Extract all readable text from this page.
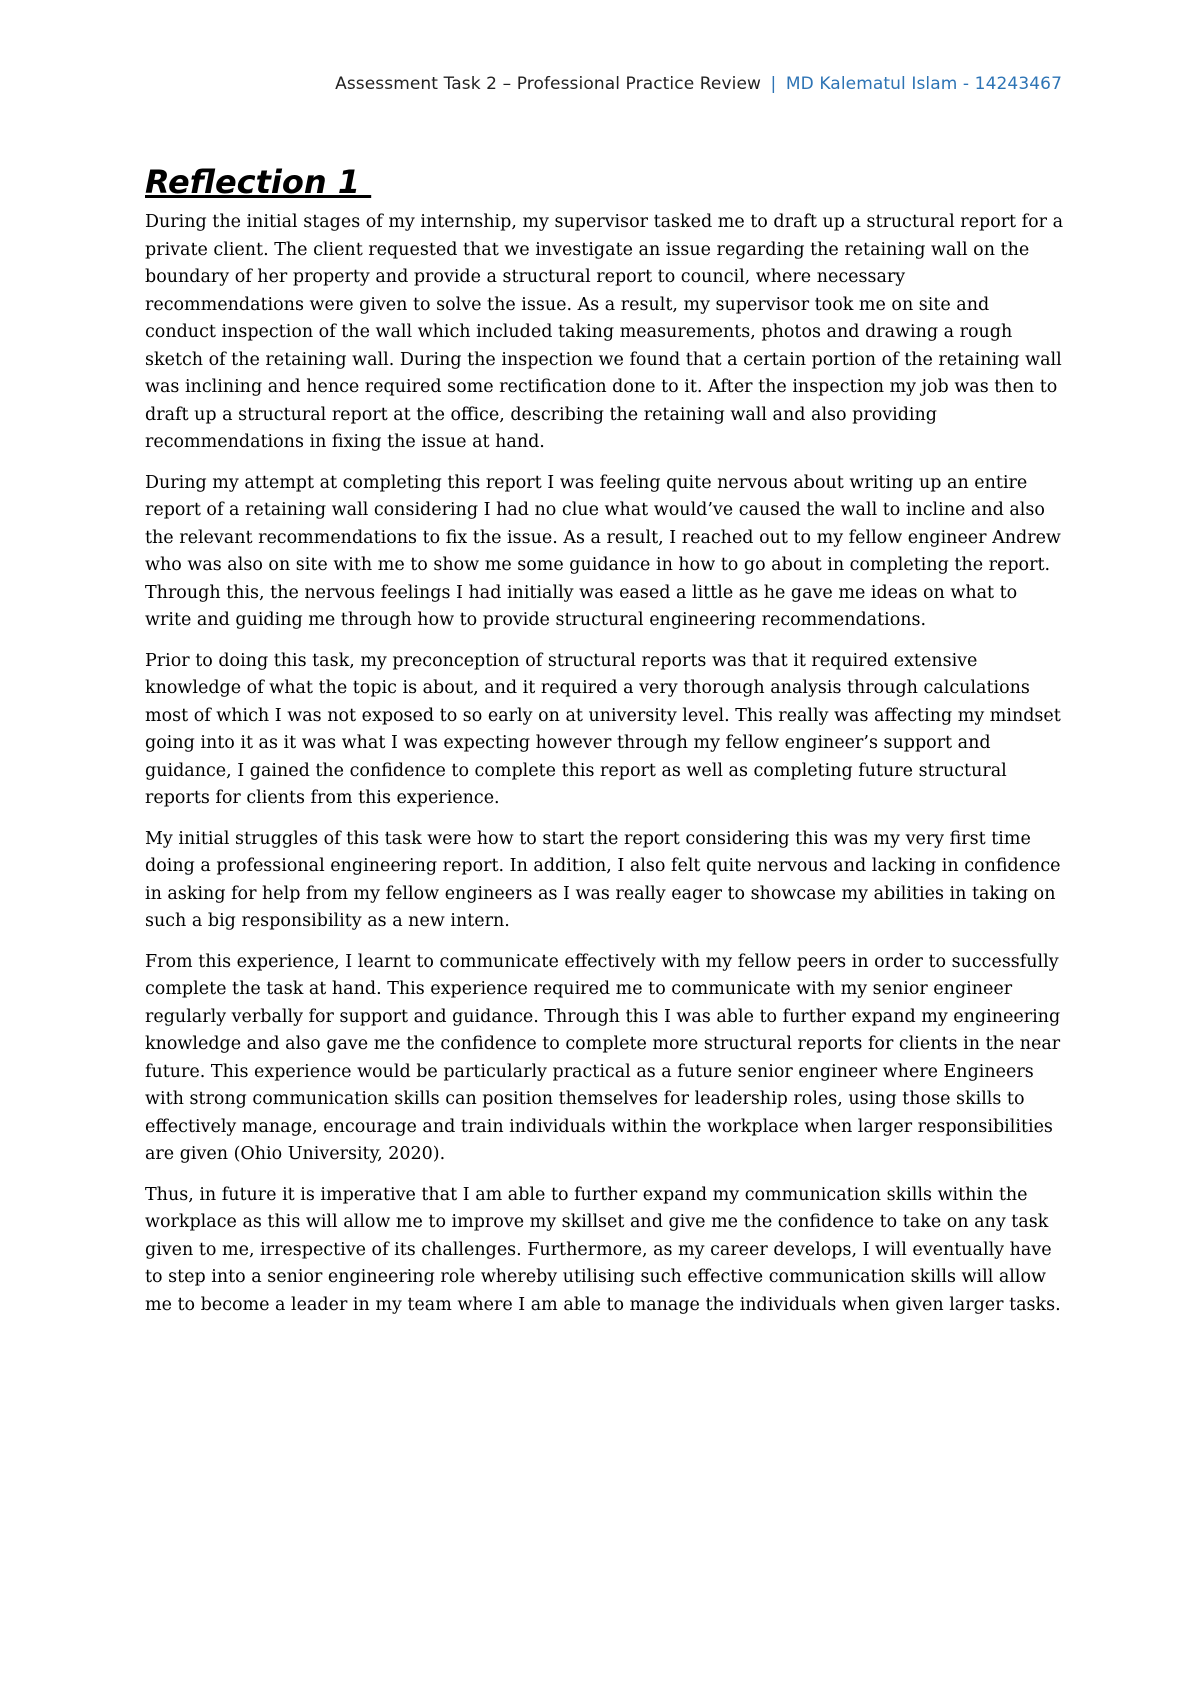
Assessment Task 2 – Professional Practice Review | MD Kalematul Islam - 14243467
Reflection 1

During the initial stages of my internship, my supervisor tasked me to draft up a structural report for a private client. The client requested that we investigate an issue regarding the retaining wall on the boundary of her property and provide a structural report to council, where necessary recommendations were given to solve the issue. As a result, my supervisor took me on site and conduct inspection of the wall which included taking measurements, photos and drawing a rough sketch of the retaining wall. During the inspection we found that a certain portion of the retaining wall was inclining and hence required some rectification done to it. After the inspection my job was then to draft up a structural report at the office, describing the retaining wall and also providing recommendations in fixing the issue at hand.

During my attempt at completing this report I was feeling quite nervous about writing up an entire report of a retaining wall considering I had no clue what would’ve caused the wall to incline and also the relevant recommendations to fix the issue. As a result, I reached out to my fellow engineer Andrew who was also on site with me to show me some guidance in how to go about in completing the report. Through this, the nervous feelings I had initially was eased a little as he gave me ideas on what to write and guiding me through how to provide structural engineering recommendations.

Prior to doing this task, my preconception of structural reports was that it required extensive knowledge of what the topic is about, and it required a very thorough analysis through calculations most of which I was not exposed to so early on at university level. This really was affecting my mindset going into it as it was what I was expecting however through my fellow engineer’s support and guidance, I gained the confidence to complete this report as well as completing future structural reports for clients from this experience.

My initial struggles of this task were how to start the report considering this was my very first time doing a professional engineering report. In addition, I also felt quite nervous and lacking in confidence in asking for help from my fellow engineers as I was really eager to showcase my abilities in taking on such a big responsibility as a new intern.

From this experience, I learnt to communicate effectively with my fellow peers in order to successfully complete the task at hand. This experience required me to communicate with my senior engineer regularly verbally for support and guidance. Through this I was able to further expand my engineering knowledge and also gave me the confidence to complete more structural reports for clients in the near future. This experience would be particularly practical as a future senior engineer where Engineers with strong communication skills can position themselves for leadership roles, using those skills to effectively manage, encourage and train individuals within the workplace when larger responsibilities are given (Ohio University, 2020).

Thus, in future it is imperative that I am able to further expand my communication skills within the workplace as this will allow me to improve my skillset and give me the confidence to take on any task given to me, irrespective of its challenges. Furthermore, as my career develops, I will eventually have to step into a senior engineering role whereby utilising such effective communication skills will allow me to become a leader in my team where I am able to manage the individuals when given larger tasks.
